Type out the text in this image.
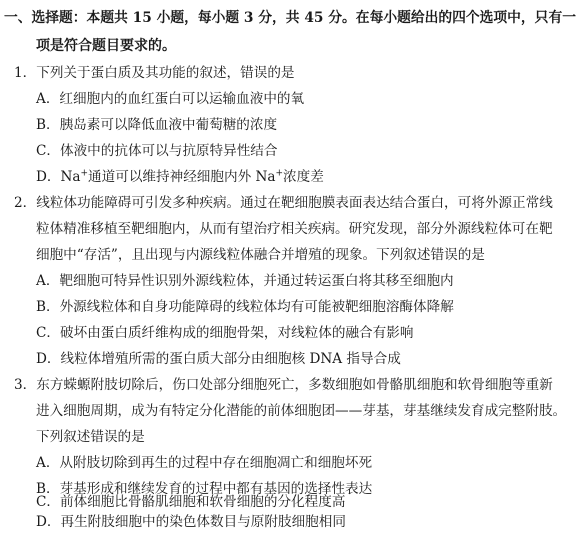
一、选择题：本题共 15 小题，每小题 3 分，共 45 分。在每小题给出的四个选项中，只有一
项是符合题目要求的。
1．下列关于蛋白质及其功能的叙述，错误的是
A．红细胞内的血红蛋白可以运输血液中的氧
B．胰岛素可以降低血液中葡萄糖的浓度
C．体液中的抗体可以与抗原特异性结合
D．Na+通道可以维持神经细胞内外 Na+浓度差
2．线粒体功能障碍可引发多种疾病。通过在靶细胞膜表面表达结合蛋白，可将外源正常线
粒体精准移植至靶细胞内，从而有望治疗相关疾病。研究发现，部分外源线粒体可在靶
细胞中“存活”，且出现与内源线粒体融合并增殖的现象。下列叙述错误的是
A．靶细胞可特异性识别外源线粒体，并通过转运蛋白将其移至细胞内
B．外源线粒体和自身功能障碍的线粒体均有可能被靶细胞溶酶体降解
C．破坏由蛋白质纤维构成的细胞骨架，对线粒体的融合有影响
D．线粒体增殖所需的蛋白质大部分由细胞核 DNA 指导合成
3．东方蝾螈附肢切除后，伤口处部分细胞死亡，多数细胞如骨骼肌细胞和软骨细胞等重新
进入细胞周期，成为有特定分化潜能的前体细胞团——芽基，芽基继续发育成完整附肢。
下列叙述错误的是
A．从附肢切除到再生的过程中存在细胞凋亡和细胞坏死
B．芽基形成和继续发育的过程中都有基因的选择性表达
C．前体细胞比骨骼肌细胞和软骨细胞的分化程度高
D．再生附肢细胞中的染色体数目与原附肢细胞相同
